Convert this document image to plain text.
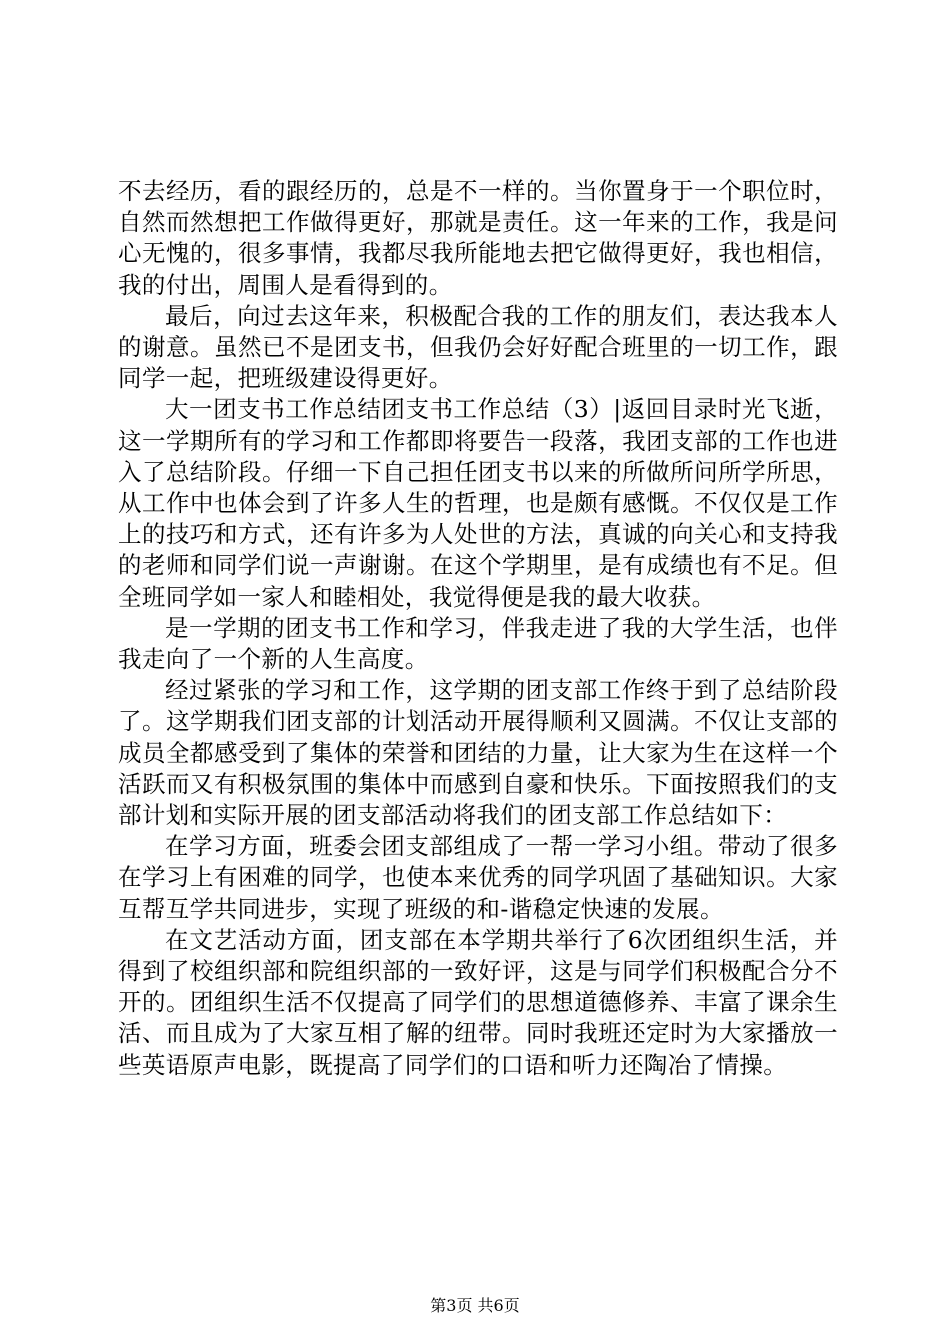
不去经历，看的跟经历的，总是不一样的。当你置身于一个职位时，自然而然想把工作做得更好，那就是责任。这一年来的工作，我是问心无愧的，很多事情，我都尽我所能地去把它做得更好，我也相信，我的付出，周围人是看得到的。

最后，向过去这年来，积极配合我的工作的朋友们，表达我本人的谢意。虽然已不是团支书，但我仍会好好配合班里的一切工作，跟同学一起，把班级建设得更好。

大一团支书工作总结团支书工作总结（3）|返回目录时光飞逝，这一学期所有的学习和工作都即将要告一段落，我团支部的工作也进入了总结阶段。仔细一下自己担任团支书以来的所做所问所学所思，从工作中也体会到了许多人生的哲理，也是颇有感慨。不仅仅是工作上的技巧和方式，还有许多为人处世的方法，真诚的向关心和支持我的老师和同学们说一声谢谢。在这个学期里，是有成绩也有不足。但全班同学如一家人和睦相处，我觉得便是我的最大收获。

是一学期的团支书工作和学习，伴我走进了我的大学生活，也伴我走向了一个新的人生高度。

经过紧张的学习和工作，这学期的团支部工作终于到了总结阶段了。这学期我们团支部的计划活动开展得顺利又圆满。不仅让支部的成员全都感受到了集体的荣誉和团结的力量，让大家为生在这样一个活跃而又有积极氛围的集体中而感到自豪和快乐。下面按照我们的支部计划和实际开展的团支部活动将我们的团支部工作总结如下：

在学习方面，班委会团支部组成了一帮一学习小组。带动了很多在学习上有困难的同学，也使本来优秀的同学巩固了基础知识。大家互帮互学共同进步，实现了班级的和-谐稳定快速的发展。

在文艺活动方面，团支部在本学期共举行了6次团组织生活，并得到了校组织部和院组织部的一致好评，这是与同学们积极配合分不开的。团组织生活不仅提高了同学们的思想道德修养、丰富了课余生活、而且成为了大家互相了解的纽带。同时我班还定时为大家播放一些英语原声电影，既提高了同学们的口语和听力还陶冶了情操。

第3页 共6页
